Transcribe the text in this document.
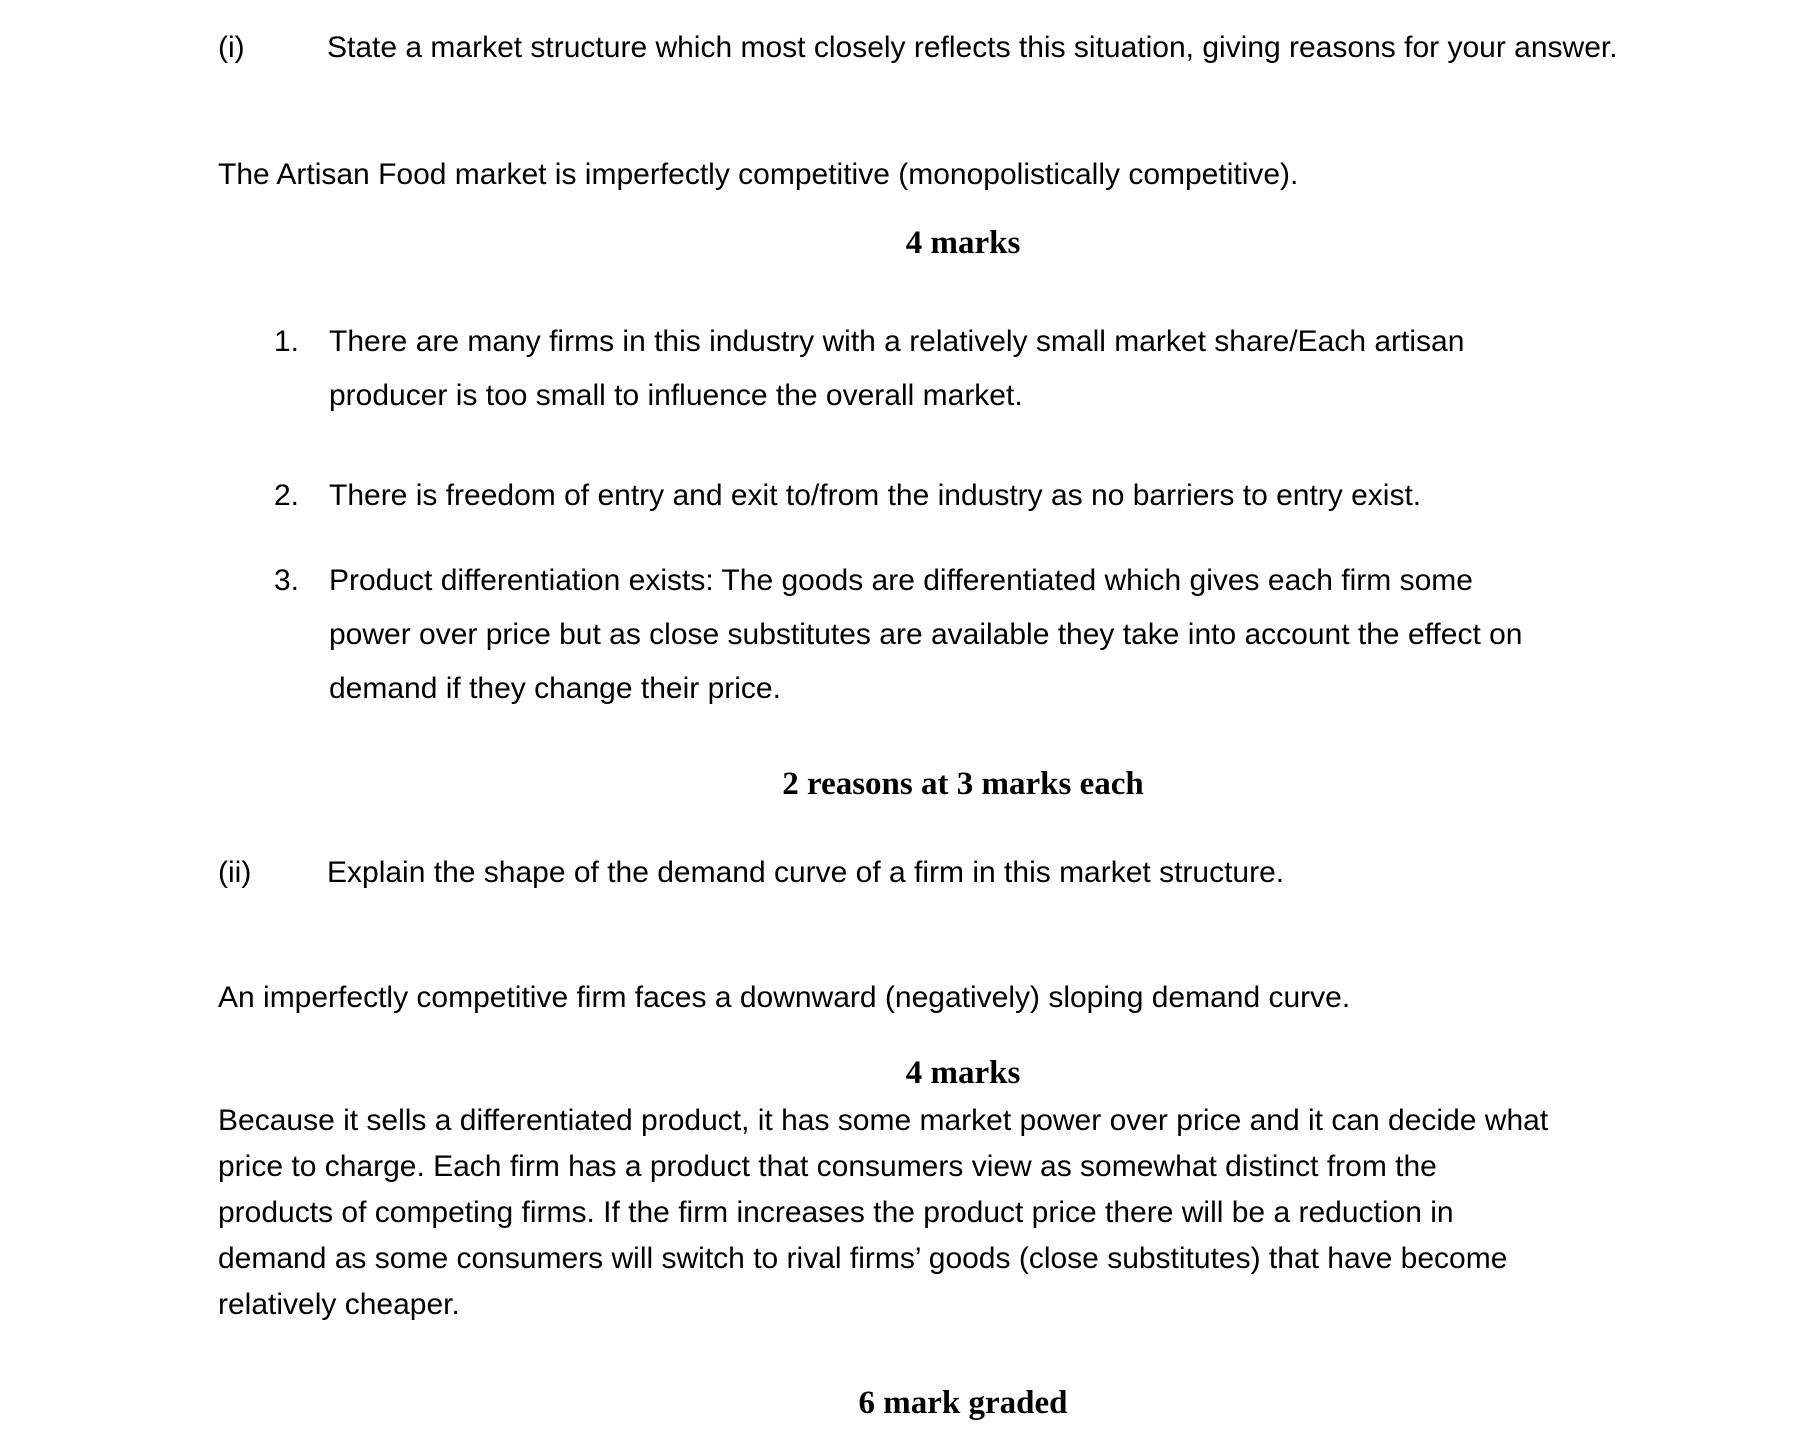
(i)	State a market structure which most closely reflects this situation, giving reasons for your answer.
The Artisan Food market is imperfectly competitive (monopolistically competitive).
4 marks
1. There are many firms in this industry with a relatively small market share/Each artisan
producer is too small to influence the overall market.
2. There is freedom of entry and exit to/from the industry as no barriers to entry exist.
3. Product differentiation exists: The goods are differentiated which gives each firm some
power over price but as close substitutes are available they take into account the effect on
demand if they change their price.
2 reasons at 3 marks each
(ii)	Explain the shape of the demand curve of a firm in this market structure.
An imperfectly competitive firm faces a downward (negatively) sloping demand curve.
4 marks
Because it sells a differentiated product, it has some market power over price and it can decide what
price to charge. Each firm has a product that consumers view as somewhat distinct from the
products of competing firms. If the firm increases the product price there will be a reduction in
demand as some consumers will switch to rival firms’ goods (close substitutes) that have become
relatively cheaper.
6 mark graded
